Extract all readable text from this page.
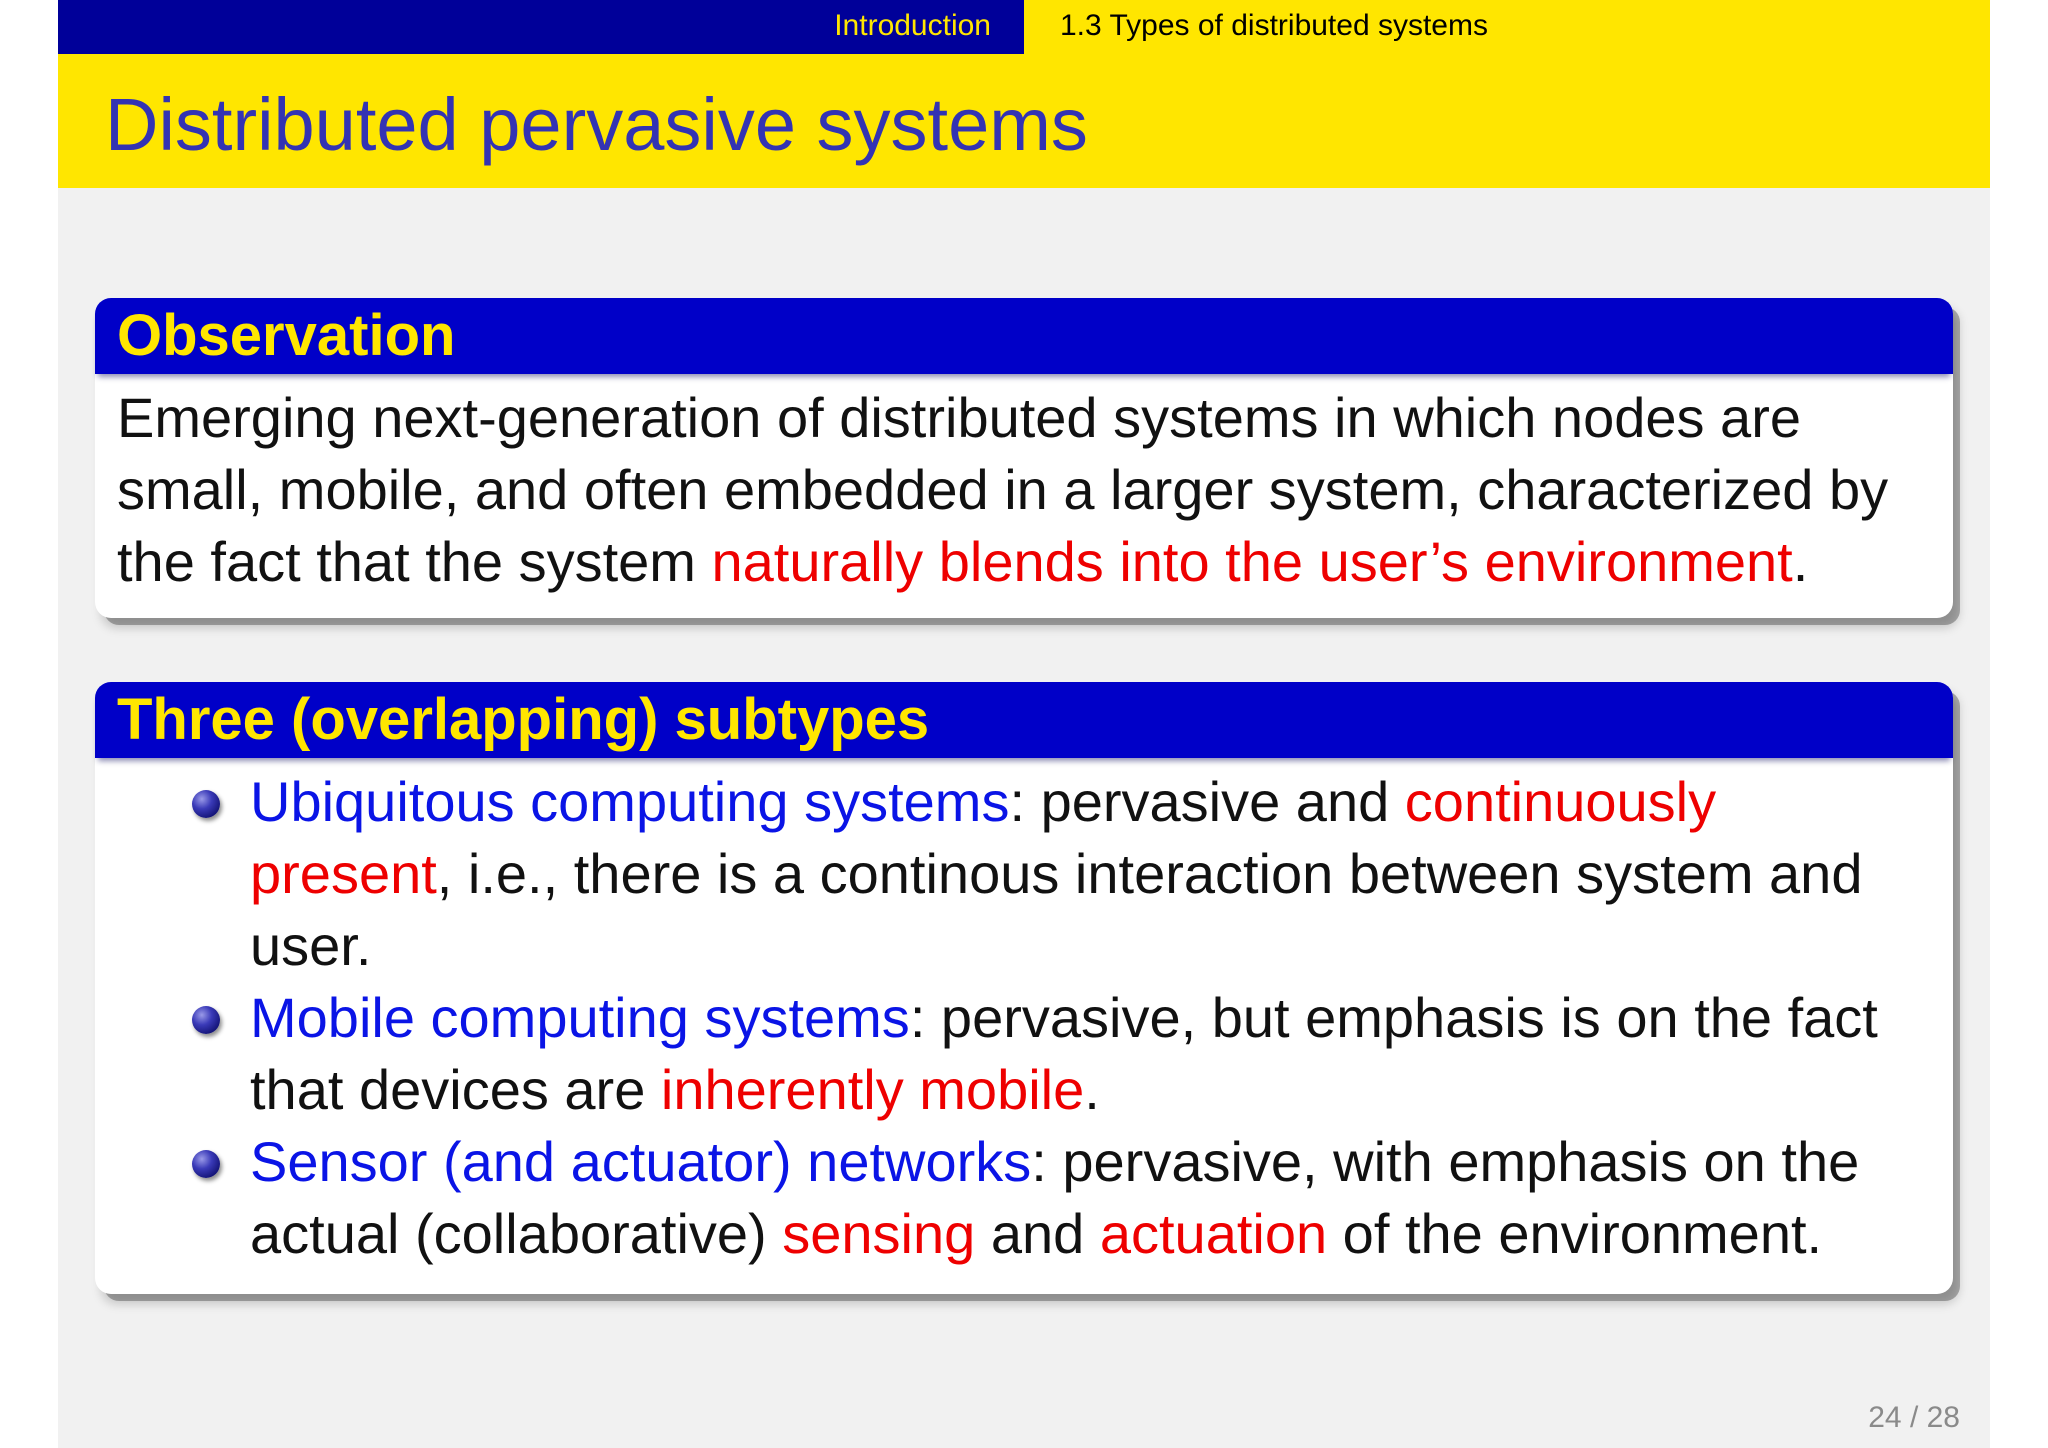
Introduction 1.3 Types of distributed systems
Distributed pervasive systems
Observation
Emerging next-generation of distributed systems in which nodes are small, mobile, and often embedded in a larger system, characterized by the fact that the system naturally blends into the user’s environment.
Three (overlapping) subtypes
Ubiquitous computing systems: pervasive and continuously present, i.e., there is a continous interaction between system and user.
Mobile computing systems: pervasive, but emphasis is on the fact that devices are inherently mobile.
Sensor (and actuator) networks: pervasive, with emphasis on the actual (collaborative) sensing and actuation of the environment.
24 / 28
